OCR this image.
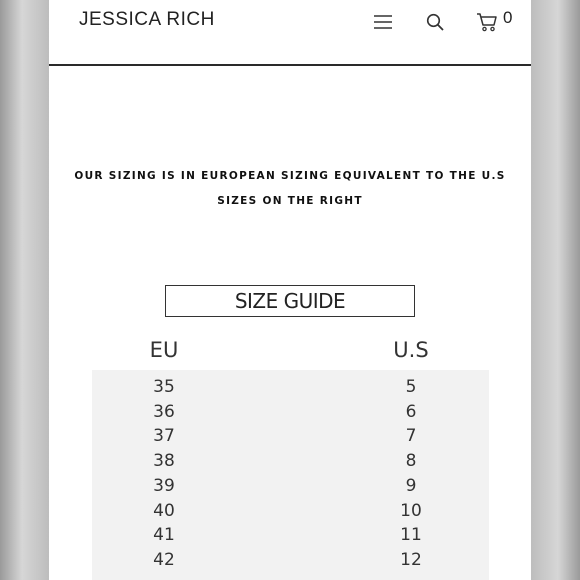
JESSICA RICH	0
OUR SIZING IS IN EUROPEAN SIZING EQUIVALENT TO THE U.S
SIZES ON THE RIGHT
SIZE GUIDE
EU	U.S
35	5
36	6
37	7
38	8
39	9
40	10
41	11
42	12
